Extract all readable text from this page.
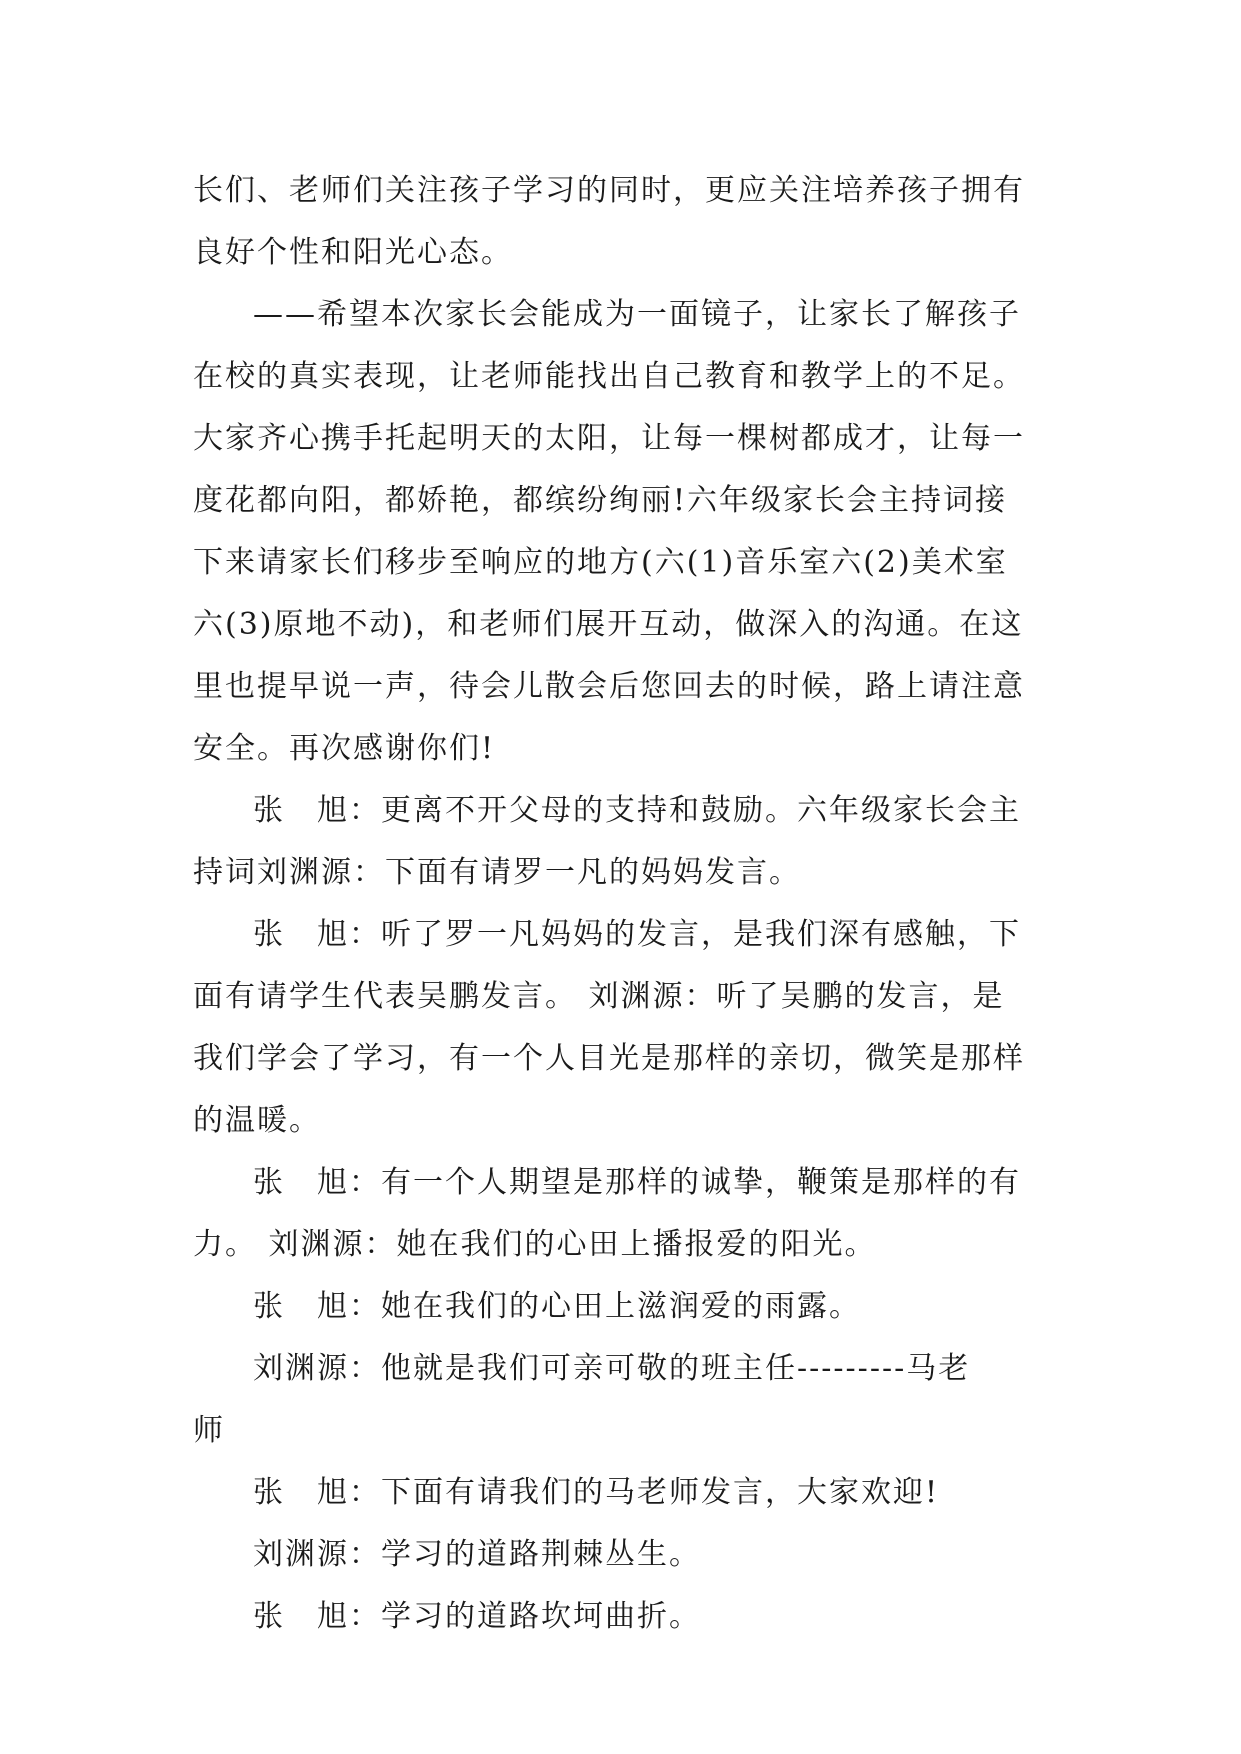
长们、老师们关注孩子学习的同时，更应关注培养孩子拥有
良好个性和阳光心态。
——希望本次家长会能成为一面镜子，让家长了解孩子
在校的真实表现，让老师能找出自己教育和教学上的不足。
大家齐心携手托起明天的太阳，让每一棵树都成才，让每一
度花都向阳，都娇艳，都缤纷绚丽!六年级家长会主持词接
下来请家长们移步至响应的地方(六(1)音乐室六(2)美术室
六(3)原地不动)，和老师们展开互动，做深入的沟通。在这
里也提早说一声，待会儿散会后您回去的时候，路上请注意
安全。再次感谢你们!
张　旭：更离不开父母的支持和鼓励。六年级家长会主
持词刘渊源：下面有请罗一凡的妈妈发言。
张　旭：听了罗一凡妈妈的发言，是我们深有感触，下
面有请学生代表吴鹏发言。 刘渊源：听了吴鹏的发言，是
我们学会了学习，有一个人目光是那样的亲切，微笑是那样
的温暖。
张　旭：有一个人期望是那样的诚挚，鞭策是那样的有
力。 刘渊源：她在我们的心田上播报爱的阳光。
张　旭：她在我们的心田上滋润爱的雨露。
刘渊源：他就是我们可亲可敬的班主任---------马老
师
张　旭：下面有请我们的马老师发言，大家欢迎!
刘渊源：学习的道路荆棘丛生。
张　旭：学习的道路坎坷曲折。
